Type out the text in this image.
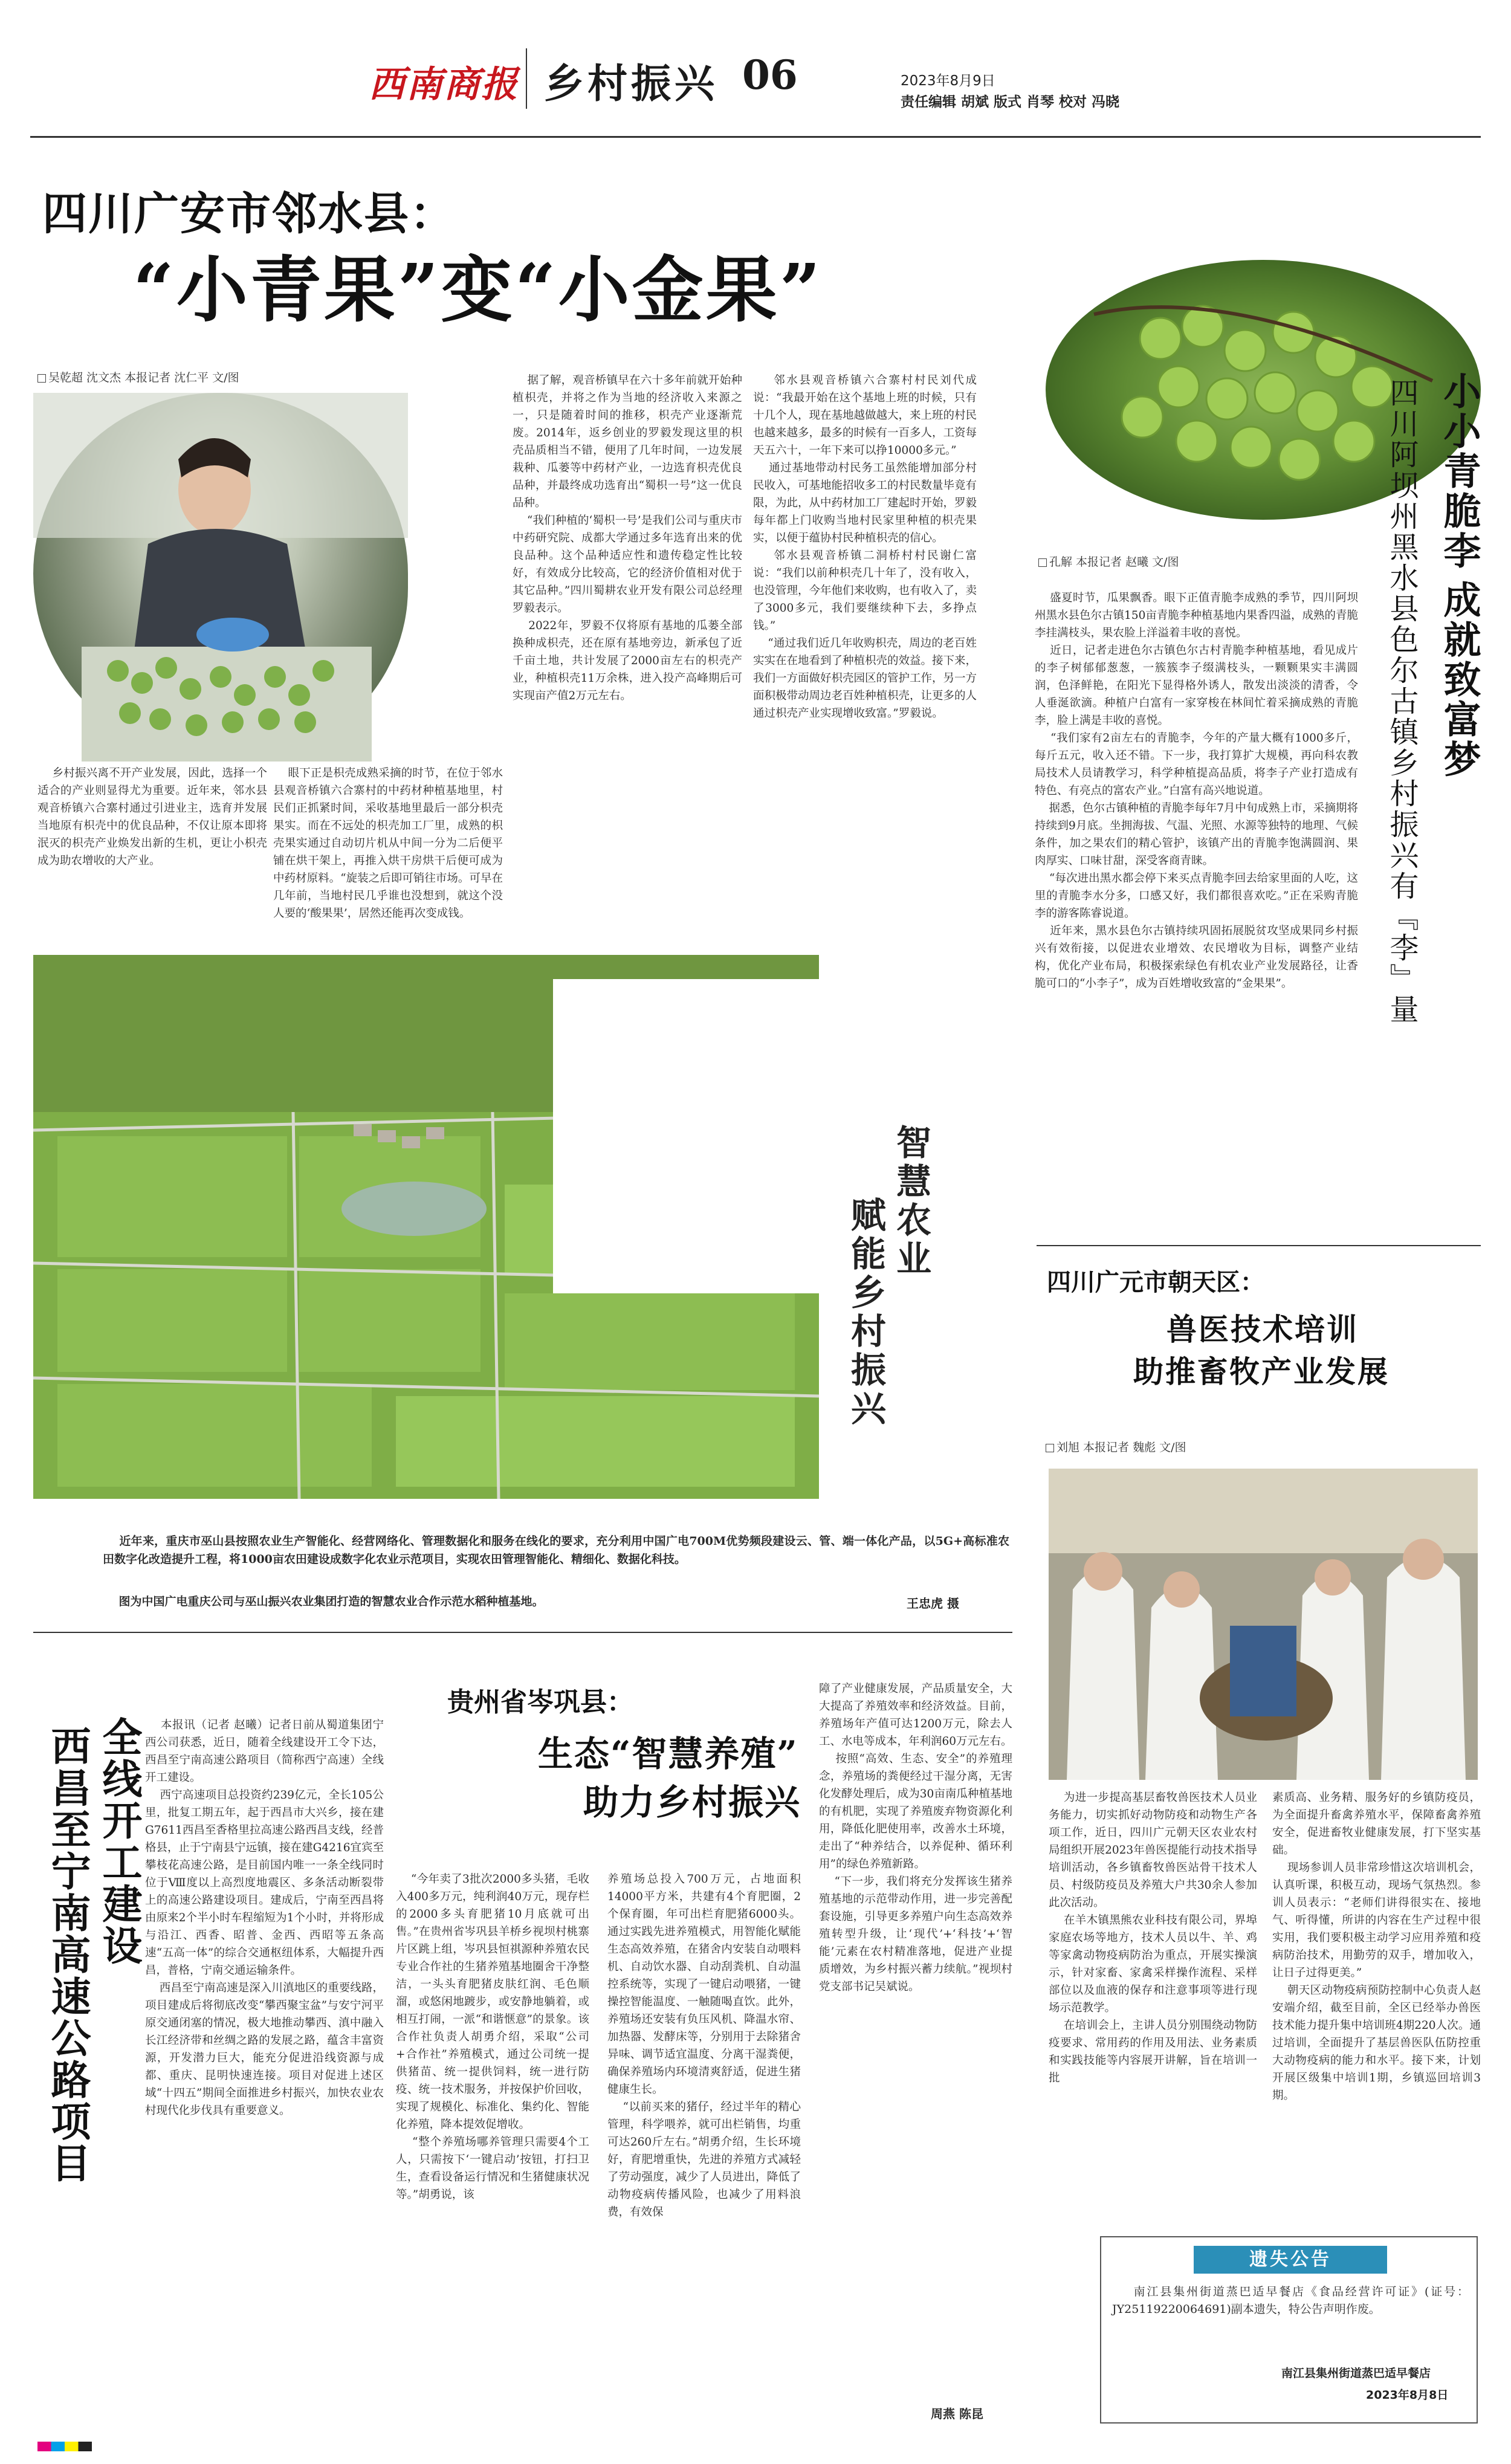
西南商报 乡村振兴 06	2023年8月9日
责任编辑 胡斌 版式 肖琴 校对 冯晓
四川广安市邻水县：
“小青果”变“小金果”
吴乾超 沈文杰 本报记者 沈仁平 文/图
乡村振兴离不开产业发展，因此，选择一个适合的产业则显得尤为重要。近年来，邻水县观音桥镇六合寨村通过引进业主，选育并发展当地原有枳壳中的优良品种，不仅让原本即将泯灭的枳壳产业焕发出新的生机，更让小枳壳成为助农增收的大产业。
眼下正是枳壳成熟采摘的时节，在位于邻水县观音桥镇六合寨村的中药材种植基地里，村民们正抓紧时间，采收基地里最后一部分枳壳果实。而在不远处的枳壳加工厂里，成熟的枳壳果实通过自动切片机从中间一分为二后便平铺在烘干架上，再推入烘干房烘干后便可成为中药材原料。“旋装之后即可销往市场。可早在几年前，当地村民几乎谁也没想到，就这个没人要的‘酸果果’，居然还能再次变成钱。
据了解，观音桥镇早在六十多年前就开始种植枳壳，并将之作为当地的经济收入来源之一，只是随着时间的推移，枳壳产业逐渐荒废。2014年，返乡创业的罗毅发现这里的枳壳品质相当不错，便用了几年时间，一边发展栽种、瓜蒌等中药材产业，一边选育枳壳优良品种，并最终成功选育出“蜀枳一号”这一优良品种。
“我们种植的‘蜀枳一号’是我们公司与重庆市中药研究院、成都大学通过多年选育出来的优良品种。这个品种适应性和遗传稳定性比较好，有效成分比较高，它的经济价值相对优于其它品种。”四川蜀耕农业开发有限公司总经理罗毅表示。
2022年，罗毅不仅将原有基地的瓜蒌全部换种成枳壳，还在原有基地旁边，新承包了近千亩土地，共计发展了2000亩左右的枳壳产业，种植枳壳11万余株，进入投产高峰期后可实现亩产值2万元左右。
邻水县观音桥镇六合寨村村民刘代成说：“我最开始在这个基地上班的时候，只有十几个人，现在基地越做越大，来上班的村民也越来越多，最多的时候有一百多人，工资每天五六十，一年下来可以挣10000多元。”
通过基地带动村民务工虽然能增加部分村民收入，可基地能招收多工的村民数量毕竟有限，为此，从中药材加工厂建起时开始，罗毅每年都上门收购当地村民家里种植的枳壳果实，以便于蕴协村民种植枳壳的信心。
邻水县观音桥镇二洞桥村村民谢仁富说：“我们以前种枳壳几十年了，没有收入，也没管理，今年他们来收购，也有收入了，卖了3000多元，我们要继续种下去，多挣点钱。”
“通过我们近几年收购枳壳，周边的老百姓实实在在地看到了种植枳壳的效益。接下来，我们一方面做好枳壳园区的管护工作，另一方面积极带动周边老百姓种植枳壳，让更多的人通过枳壳产业实现增收致富。”罗毅说。
小小青脆李
成就致富梦
四川阿坝州黑水县色尔古镇乡村振兴有『李』量
孔解 本报记者 赵曦 文/图
盛夏时节，瓜果飘香。眼下正值青脆李成熟的季节，四川阿坝州黑水县色尔古镇150亩青脆李种植基地内果香四溢，成熟的青脆李挂满枝头，果农脸上洋溢着丰收的喜悦。
近日，记者走进色尔古镇色尔古村青脆李种植基地，看见成片的李子树郁郁葱葱，一簇簇李子缀满枝头，一颗颗果实丰满圆润，色泽鲜艳，在阳光下显得格外诱人，散发出淡淡的清香，令人垂涎欲滴。种植户白富有一家穿梭在林间忙着采摘成熟的青脆李，脸上满是丰收的喜悦。
“我们家有2亩左右的青脆李，今年的产量大概有1000多斤，每斤五元，收入还不错。下一步，我打算扩大规模，再向科农教局技术人员请教学习，科学种植提高品质，将李子产业打造成有特色、有亮点的富农产业。”白富有高兴地说道。
据悉，色尔古镇种植的青脆李每年7月中旬成熟上市，采摘期将持续到9月底。坐拥海拔、气温、光照、水源等独特的地理、气候条件，加之果农们的精心管护，该镇产出的青脆李饱满圆润、果肉厚实、口味甘甜，深受客商青睐。
“每次进出黑水都会停下来买点青脆李回去给家里面的人吃，这里的青脆李水分多，口感又好，我们都很喜欢吃。”正在采购青脆李的游客陈睿说道。
近年来，黑水县色尔古镇持续巩固拓展脱贫攻坚成果同乡村振兴有效衔接，以促进农业增效、农民增收为目标，调整产业结构，优化产业布局，积极探索绿色有机农业产业发展路径，让香脆可口的“小李子”，成为百姓增收致富的“金果果”。
智慧农业
赋能乡村振兴
近年来，重庆市巫山县按照农业生产智能化、经营网络化、管理数据化和服务在线化的要求，充分利用中国广电700M优势频段建设云、管、端一体化产品，以5G+高标准农田数字化改造提升工程，将1000亩农田建设成数字化农业示范项目，实现农田管理智能化、精细化、数据化科技。
图为中国广电重庆公司与巫山振兴农业集团打造的智慧农业合作示范水稻种植基地。	王忠虎 摄
四川广元市朝天区：
兽医技术培训
助推畜牧产业发展
刘旭 本报记者 魏彪 文/图
为进一步提高基层畜牧兽医技术人员业务能力，切实抓好动物防疫和动物生产各项工作，近日，四川广元朝天区农业农村局组织开展2023年兽医提能行动技术指导培训活动，各乡镇畜牧兽医站骨干技术人员、村级防疫员及养殖大户共30余人参加此次活动。
在羊木镇黑熊农业科技有限公司，界埠家庭农场等地方，技术人员以牛、羊、鸡等家禽动物疫病防治为重点，开展实操演示，针对家畜、家禽采样操作流程、采样部位以及血液的保存和注意事项等进行现场示范教学。
在培训会上，主讲人员分别围绕动物防疫要求、常用药的作用及用法、业务素质和实践技能等内容展开讲解，旨在培训一批
素质高、业务精、服务好的乡镇防疫员，为全面提升畜禽养殖水平，保障畜禽养殖安全，促进畜牧业健康发展，打下坚实基础。
现场参训人员非常珍惜这次培训机会，认真听课，积极互动，现场气氛热烈。参训人员表示：“老师们讲得很实在、接地气、听得懂，所讲的内容在生产过程中很实用，我们要积极主动学习应用养殖和疫病防治技术，用勤劳的双手，增加收入，让日子过得更美。”
朝天区动物疫病预防控制中心负责人赵安端介绍，截至目前，全区已经举办兽医技术能力提升集中培训班4期220人次。通过培训，全面提升了基层兽医队伍防控重大动物疫病的能力和水平。接下来，计划开展区级集中培训1期，乡镇巡回培训3期。
遗失公告
南江县集州街道蒸巴适早餐店《食品经营许可证》(证号：JY25119220064691)副本遗失，特公告声明作废。
南江县集州街道蒸巴适早餐店
2023年8月8日
西昌至宁南高速公路项目 全线开工建设	本报讯（记者 赵曦）记者日前从蜀道集团宁西公司获悉，近日，随着全线建设开工令下达，西昌至宁南高速公路项目（简称西宁高速）全线开工建设。
西宁高速项目总投资约239亿元，全长105公里，批复工期五年，起于西昌市大兴乡，接在建G7611西昌至香格里拉高速公路西昌支线，经普格县，止于宁南县宁远镇，接在建G4216宜宾至攀枝花高速公路，是目前国内唯一一条全线同时位于Ⅷ度以上高烈度地震区、多条活动断裂带上的高速公路建设项目。建成后，宁南至西昌将由原来2个半小时车程缩短为1个小时，并将形成与沿江、西香、昭普、金西、西昭等五条高速“五高一体”的综合交通枢纽体系，大幅提升西昌，普格，宁南交通运输条件。
西昌至宁南高速是深入川滇地区的重要线路，项目建成后将彻底改变“攀西聚宝盆”与安宁河平原交通闭塞的情况，极大地推动攀西、滇中融入长江经济带和丝绸之路的发展之路，蕴含丰富资源，开发潜力巨大，能充分促进沿线资源与成都、重庆、昆明快速连接。项目对促进上述区域“十四五”期间全面推进乡村振兴，加快农业农村现代化步伐具有重要意义。
贵州省岑巩县：
生态“智慧养殖”
助力乡村振兴
“今年卖了3批次2000多头猪，毛收入400多万元，纯利润40万元，现存栏的2000多头育肥猪10月底就可出售。”在贵州省岑巩县羊桥乡视坝村桃寨片区跳上组，岑巩县恒祺源种养殖农民专业合作社的生猪养殖基地圈舍干净整洁，一头头育肥猪皮肤红润、毛色顺溜，或悠闲地踱步，或安静地躺着，或相互打闹，一派“和谐惬意”的景象。该合作社负责人胡勇介绍，采取“公司+合作社”养殖模式，通过公司统一提供猪苗、统一提供饲料，统一进行防疫、统一技术服务，并按保护价回收，实现了规模化、标准化、集约化、智能化养殖，降本提效促增收。
“整个养殖场哪养管理只需要4个工人，只需按下‘一键启动’按钮，打扫卫生，查看设备运行情况和生猪健康状况等。”胡勇说，该
养殖场总投入700万元，占地面积14000平方米，共建有4个育肥圈，2个保育圈，年可出栏育肥猪6000头。通过实践先进养殖模式，用智能化赋能生态高效养殖，在猪舍内安装自动喂料机、自动饮水器、自动刮粪机、自动温控系统等，实现了一键启动喂猪，一键操控智能温度、一触随喝直饮。此外，养殖场还安装有负压风机、降温水帘、加热器、发酵床等，分别用于去除猪舍异味、调节适宜温度、分离干湿粪便，确保养殖场内环境清爽舒适，促进生猪健康生长。
“以前买来的猪仔，经过半年的精心管理，科学喂养，就可出栏销售，均重可达260斤左右。”胡勇介绍，生长环境好，育肥增重快，先进的养殖方式减轻了劳动强度，减少了人员进出，降低了动物疫病传播风险，也减少了用料浪费，有效保
障了产业健康发展，产品质量安全，大大提高了养殖效率和经济效益。目前，养殖场年产值可达1200万元，除去人工、水电等成本，年利润60万元左右。
按照“高效、生态、安全”的养殖理念，养殖场的粪便经过干湿分离，无害化发酵处理后，成为30亩南瓜种植基地的有机肥，实现了养殖废弃物资源化利用，降低化肥使用率，改善水土环境，走出了“种养结合，以养促种、循环利用”的绿色养殖新路。
“下一步，我们将充分发挥该生猪养殖基地的示范带动作用，进一步完善配套设施，引导更多养殖户向生态高效养殖转型升级，让‘现代’+‘科技’+‘智能’元素在农村精准落地，促进产业提质增效，为乡村振兴蓄力续航。”视坝村党支部书记吴斌说。
周燕 陈昆
